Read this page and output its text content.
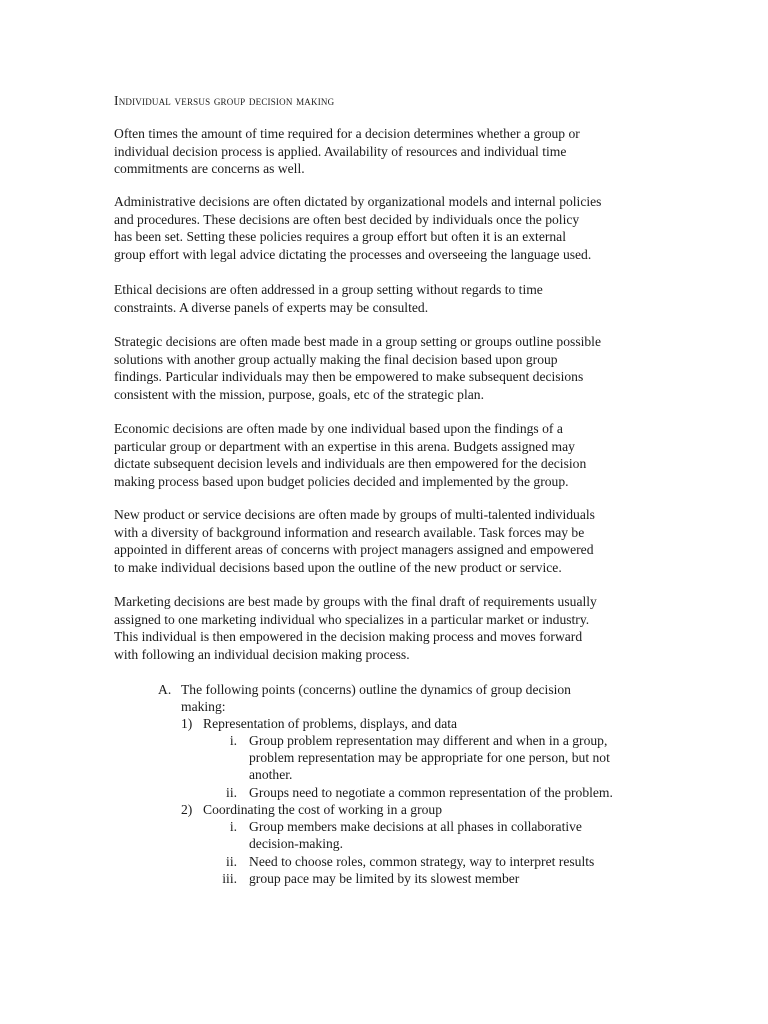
Individual versus group decision making

Often times the amount of time required for a decision determines whether a group or
individual decision process is applied. Availability of resources and individual time
commitments are concerns as well.

Administrative decisions are often dictated by organizational models and internal policies
and procedures. These decisions are often best decided by individuals once the policy
has been set. Setting these policies requires a group effort but often it is an external
group effort with legal advice dictating the processes and overseeing the language used.

Ethical decisions are often addressed in a group setting without regards to time
constraints. A diverse panels of experts may be consulted.

Strategic decisions are often made best made in a group setting or groups outline possible
solutions with another group actually making the final decision based upon group
findings. Particular individuals may then be empowered to make subsequent decisions
consistent with the mission, purpose, goals, etc of the strategic plan.

Economic decisions are often made by one individual based upon the findings of a
particular group or department with an expertise in this arena. Budgets assigned may
dictate subsequent decision levels and individuals are then empowered for the decision
making process based upon budget policies decided and implemented by the group.

New product or service decisions are often made by groups of multi-talented individuals
with a diversity of background information and research available. Task forces may be
appointed in different areas of concerns with project managers assigned and empowered
to make individual decisions based upon the outline of the new product or service.

Marketing decisions are best made by groups with the final draft of requirements usually
assigned to one marketing individual who specializes in a particular market or industry.
This individual is then empowered in the decision making process and moves forward
with following an individual decision making process.

A. The following points (concerns) outline the dynamics of group decision
making:
1) Representation of problems, displays, and data
i. Group problem representation may different and when in a group,
problem representation may be appropriate for one person, but not
another.
ii. Groups need to negotiate a common representation of the problem.
2) Coordinating the cost of working in a group
i. Group members make decisions at all phases in collaborative
decision-making.
ii. Need to choose roles, common strategy, way to interpret results
iii. group pace may be limited by its slowest member
